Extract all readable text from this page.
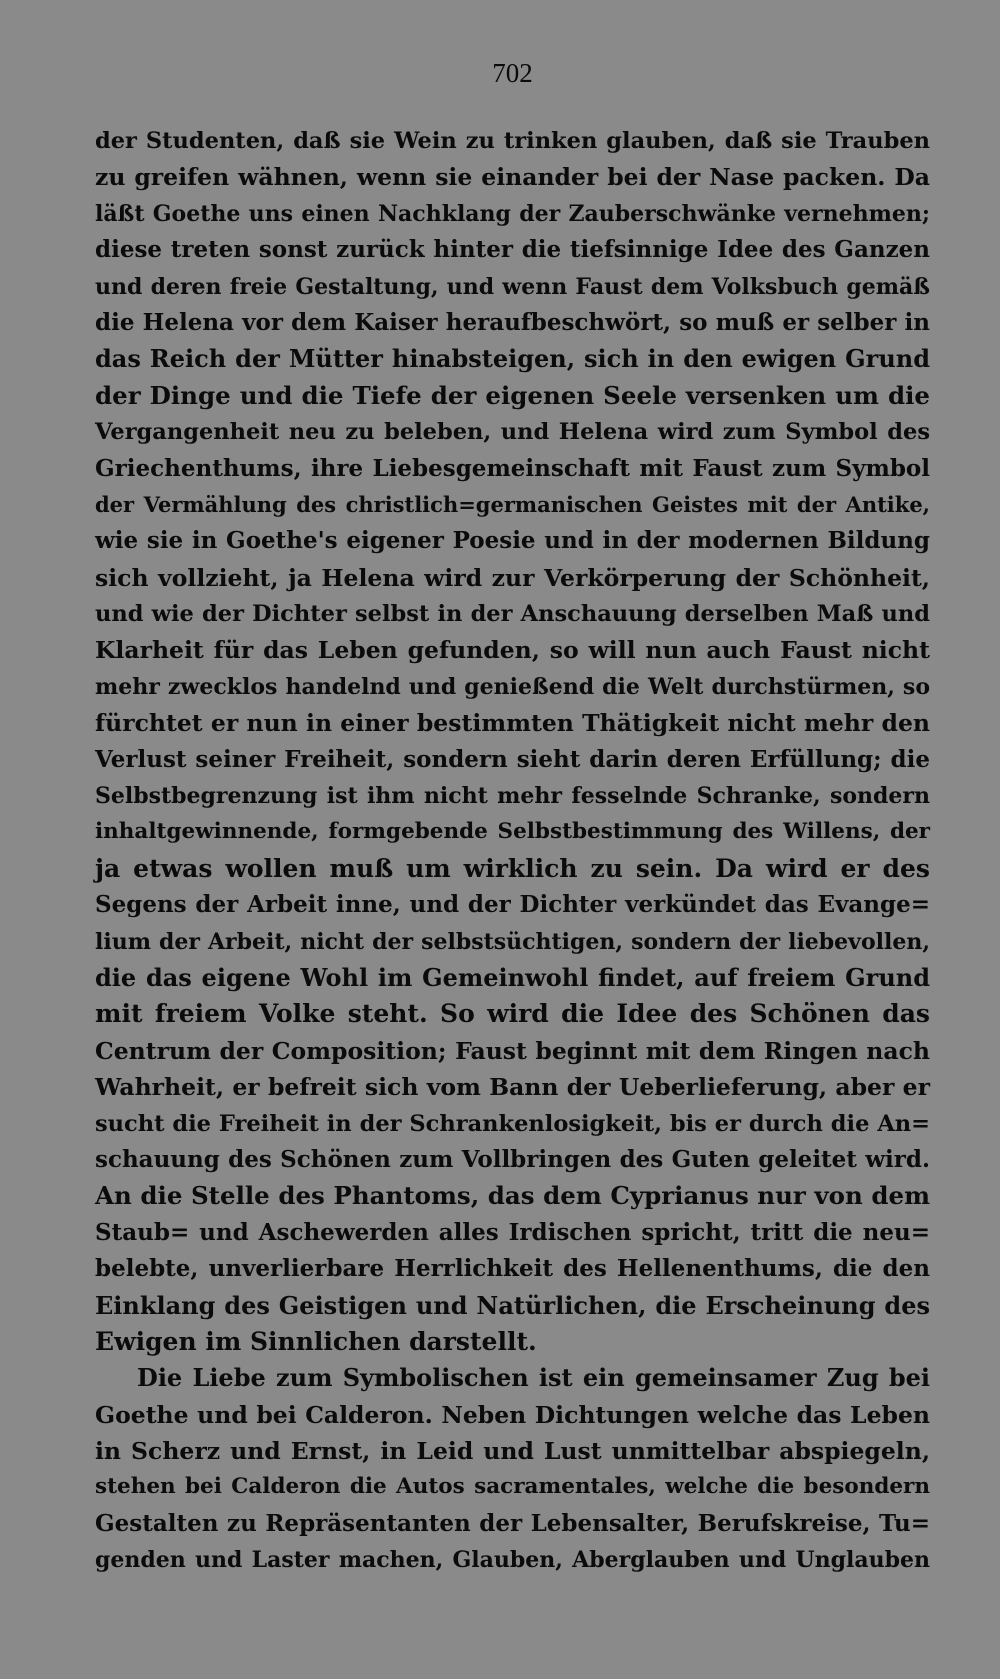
702
der Studenten, daß sie Wein zu trinken glauben, daß sie Trauben
zu greifen wähnen, wenn sie einander bei der Nase packen. Da
läßt Goethe uns einen Nachklang der Zauberschwänke vernehmen;
diese treten sonst zurück hinter die tiefsinnige Idee des Ganzen
und deren freie Gestaltung, und wenn Faust dem Volksbuch gemäß
die Helena vor dem Kaiser heraufbeschwört, so muß er selber in
das Reich der Mütter hinabsteigen, sich in den ewigen Grund
der Dinge und die Tiefe der eigenen Seele versenken um die
Vergangenheit neu zu beleben, und Helena wird zum Symbol des
Griechenthums, ihre Liebesgemeinschaft mit Faust zum Symbol
der Vermählung des christlich=germanischen Geistes mit der Antike,
wie sie in Goethe's eigener Poesie und in der modernen Bildung
sich vollzieht, ja Helena wird zur Verkörperung der Schönheit,
und wie der Dichter selbst in der Anschauung derselben Maß und
Klarheit für das Leben gefunden, so will nun auch Faust nicht
mehr zwecklos handelnd und genießend die Welt durchstürmen, so
fürchtet er nun in einer bestimmten Thätigkeit nicht mehr den
Verlust seiner Freiheit, sondern sieht darin deren Erfüllung; die
Selbstbegrenzung ist ihm nicht mehr fesselnde Schranke, sondern
inhaltgewinnende, formgebende Selbstbestimmung des Willens, der
ja etwas wollen muß um wirklich zu sein. Da wird er des
Segens der Arbeit inne, und der Dichter verkündet das Evange=
lium der Arbeit, nicht der selbstsüchtigen, sondern der liebevollen,
die das eigene Wohl im Gemeinwohl findet, auf freiem Grund
mit freiem Volke steht. So wird die Idee des Schönen das
Centrum der Composition; Faust beginnt mit dem Ringen nach
Wahrheit, er befreit sich vom Bann der Ueberlieferung, aber er
sucht die Freiheit in der Schrankenlosigkeit, bis er durch die An=
schauung des Schönen zum Vollbringen des Guten geleitet wird.
An die Stelle des Phantoms, das dem Cyprianus nur von dem
Staub= und Aschewerden alles Irdischen spricht, tritt die neu=
belebte, unverlierbare Herrlichkeit des Hellenenthums, die den
Einklang des Geistigen und Natürlichen, die Erscheinung des
Ewigen im Sinnlichen darstellt.
Die Liebe zum Symbolischen ist ein gemeinsamer Zug bei
Goethe und bei Calderon. Neben Dichtungen welche das Leben
in Scherz und Ernst, in Leid und Lust unmittelbar abspiegeln,
stehen bei Calderon die Autos sacramentales, welche die besondern
Gestalten zu Repräsentanten der Lebensalter, Berufskreise, Tu=
genden und Laster machen, Glauben, Aberglauben und Unglauben
